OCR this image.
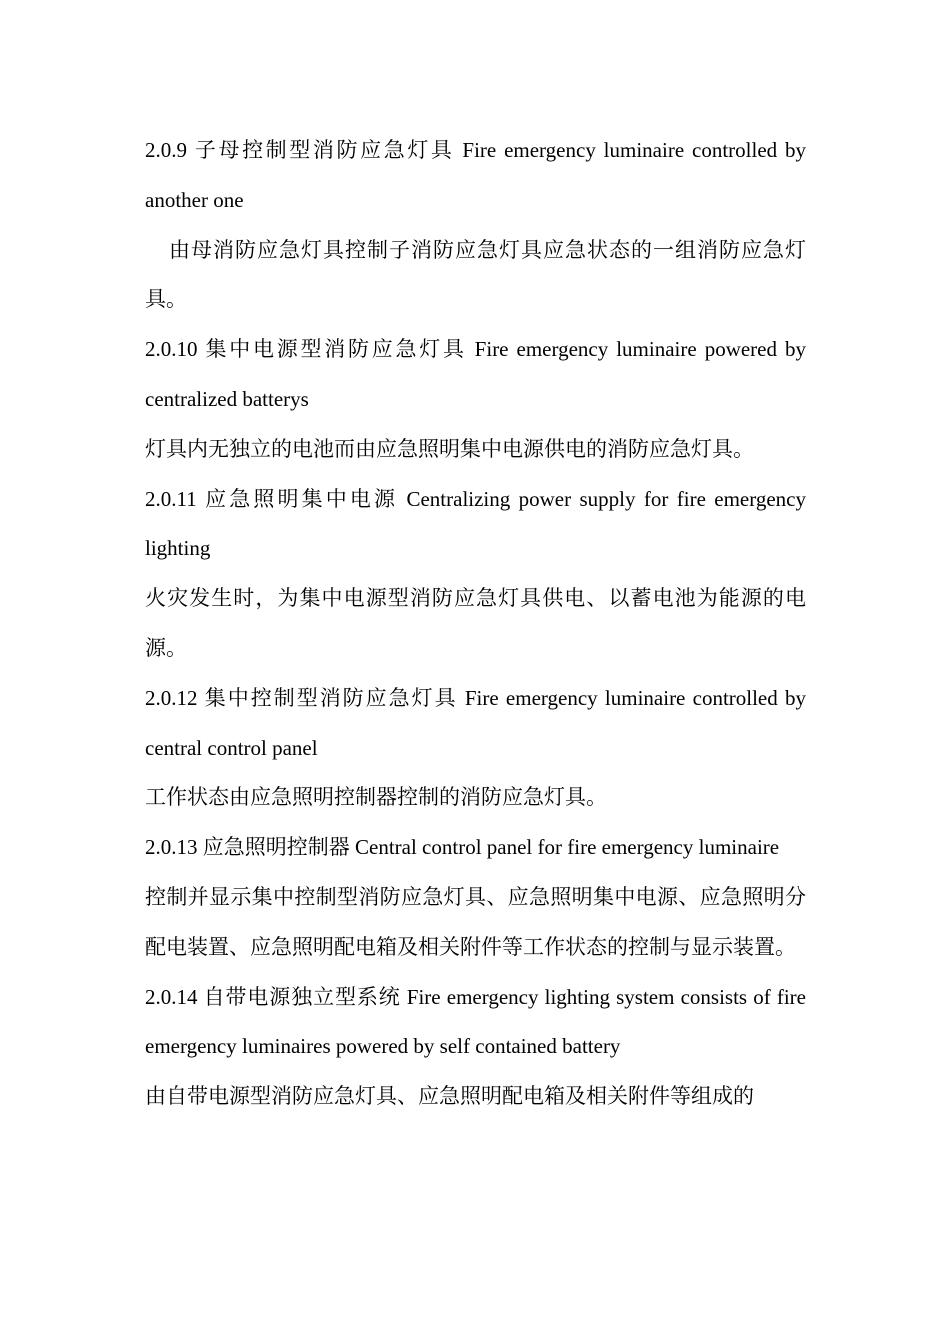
2.0.9 子母控制型消防应急灯具 Fire emergency luminaire controlled by another one

由母消防应急灯具控制子消防应急灯具应急状态的一组消防应急灯具。

2.0.10 集中电源型消防应急灯具 Fire emergency luminaire powered by centralized batterys

灯具内无独立的电池而由应急照明集中电源供电的消防应急灯具。

2.0.11 应急照明集中电源 Centralizing power supply for fire emergency lighting

火灾发生时，为集中电源型消防应急灯具供电、以蓄电池为能源的电源。

2.0.12 集中控制型消防应急灯具 Fire emergency luminaire controlled by central control panel

工作状态由应急照明控制器控制的消防应急灯具。

2.0.13 应急照明控制器 Central control panel for fire emergency luminaire

控制并显示集中控制型消防应急灯具、应急照明集中电源、应急照明分配电装置、应急照明配电箱及相关附件等工作状态的控制与显示装置。

2.0.14 自带电源独立型系统 Fire emergency lighting system consists of fire emergency luminaires powered by self contained battery

由自带电源型消防应急灯具、应急照明配电箱及相关附件等组成的
